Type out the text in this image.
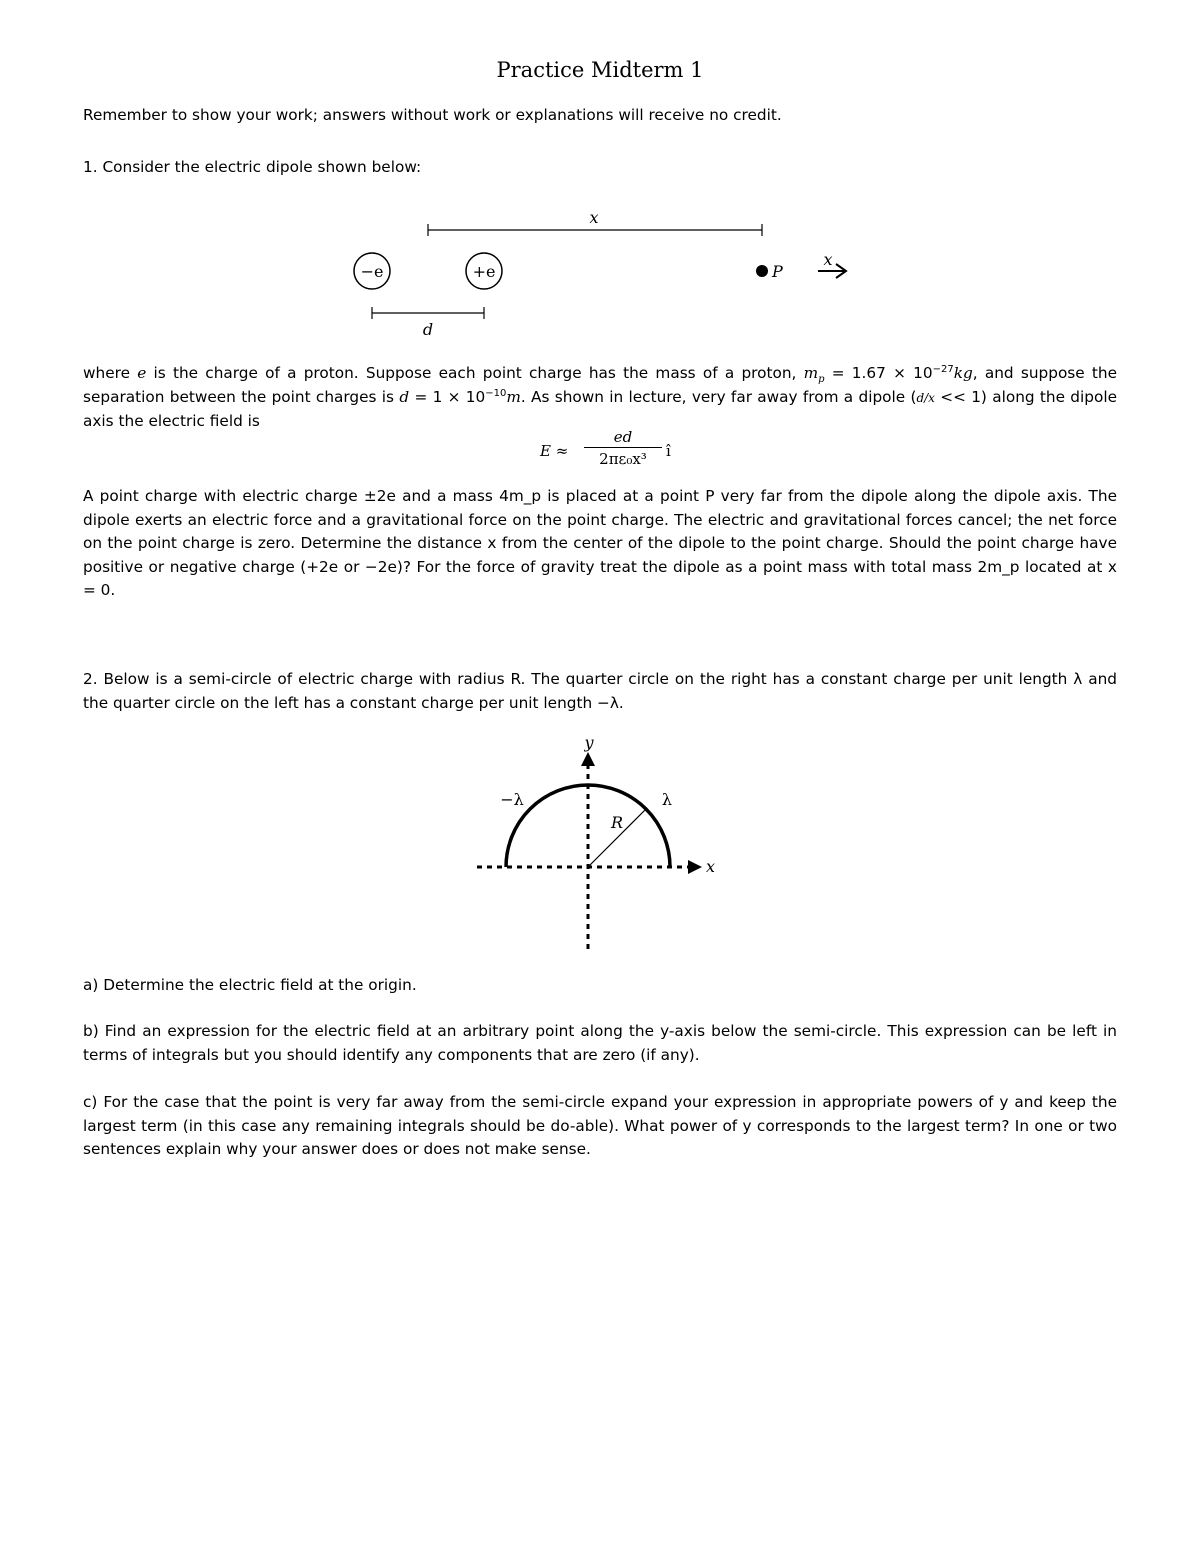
Practice Midterm 1
Remember to show your work; answers without work or explanations will receive no credit.
1. Consider the electric dipole shown below:
x
−e	+e	P
x
d
where e is the charge of a proton. Suppose each point charge has the mass of a proton, $m_p = 1.67 \times 10^{-27}kg$, and suppose the separation between the point charges is $d = 1 \times 10^{-10}m$. As shown in lecture, very far away from a dipole (d/x << 1) along the dipole axis the electric field is
$E \approx \frac{ed}{\text{2πε₀x³}}$ î
A point charge with electric charge ±2e and a mass 4m_p is placed at a point P very far from the dipole along the dipole axis. The dipole exerts an electric force and a gravitational force on the point charge. The electric and gravitational forces cancel; the net force on the point charge is zero. Determine the distance x from the center of the dipole to the point charge. Should the point charge have positive or negative charge (+2e or −2e)? For the force of gravity treat the dipole as a point mass with total mass 2m_p located at x = 0.
2. Below is a semi-circle of electric charge with radius R. The quarter circle on the right has a constant charge per unit length λ and the quarter circle on the left has a constant charge per unit length −λ.
y
x
−λ	λ
R
a) Determine the electric field at the origin.
b) Find an expression for the electric field at an arbitrary point along the y-axis below the semi-circle. This expression can be left in terms of integrals but you should identify any components that are zero (if any).
c) For the case that the point is very far away from the semi-circle expand your expression in appropriate powers of y and keep the largest term (in this case any remaining integrals should be do-able). What power of y corresponds to the largest term? In one or two sentences explain why your answer does or does not make sense.
